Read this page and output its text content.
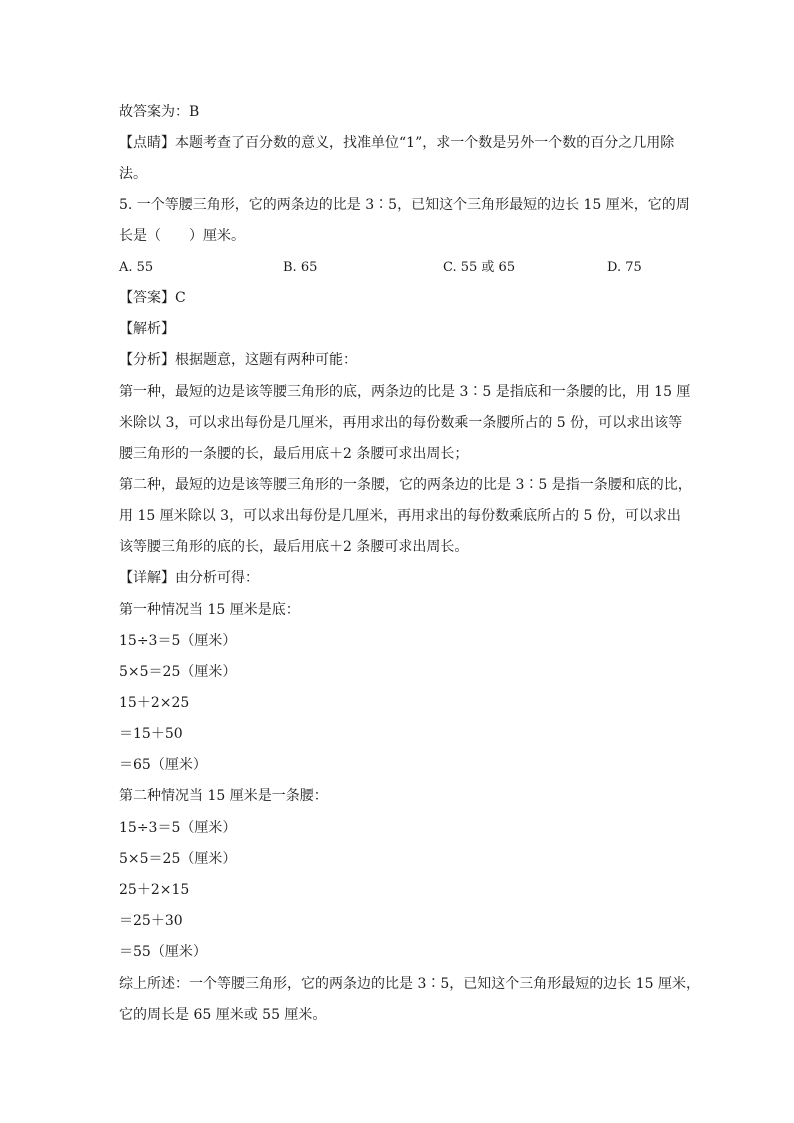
故答案为：B
【点睛】本题考查了百分数的意义，找准单位“1”，求一个数是另外一个数的百分之几用除
法。
5. 一个等腰三角形，它的两条边的比是 3∶5，已知这个三角形最短的边长 15 厘米，它的周
长是（　　）厘米。
A. 55	B. 65	C. 55 或 65	D. 75
【答案】C
【解析】
【分析】根据题意，这题有两种可能：
第一种，最短的边是该等腰三角形的底，两条边的比是 3∶5 是指底和一条腰的比，用 15 厘
米除以 3，可以求出每份是几厘米，再用求出的每份数乘一条腰所占的 5 份，可以求出该等
腰三角形的一条腰的长，最后用底＋2 条腰可求出周长；
第二种，最短的边是该等腰三角形的一条腰，它的两条边的比是 3∶5 是指一条腰和底的比，
用 15 厘米除以 3，可以求出每份是几厘米，再用求出的每份数乘底所占的 5 份，可以求出
该等腰三角形的底的长，最后用底＋2 条腰可求出周长。
【详解】由分析可得：
第一种情况当 15 厘米是底：
15÷3＝5（厘米）
5×5＝25（厘米）
15＋2×25
＝15＋50
＝65（厘米）
第二种情况当 15 厘米是一条腰：
15÷3＝5（厘米）
5×5＝25（厘米）
25＋2×15
＝25＋30
＝55（厘米）
综上所述：一个等腰三角形，它的两条边的比是 3∶5，已知这个三角形最短的边长 15 厘米，
它的周长是 65 厘米或 55 厘米。
